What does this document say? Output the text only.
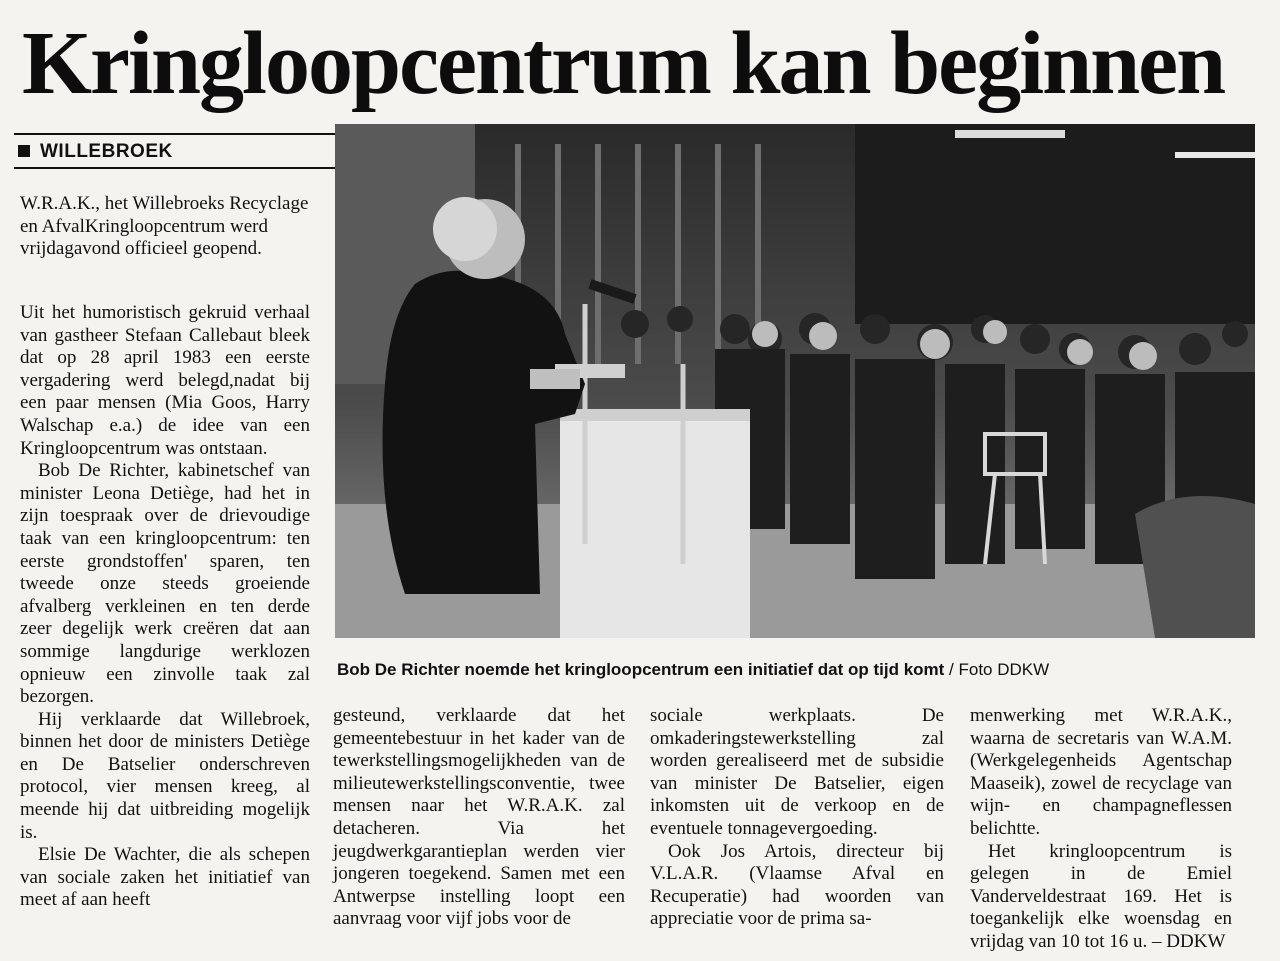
Kringloopcentrum kan beginnen
WILLEBROEK
W.R.A.K., het Willebroeks Recyclage en AfvalKringloopcentrum werd vrijdagavond officieel geopend.

Uit het humoristisch gekruid verhaal van gastheer Stefaan Callebaut bleek dat op 28 april 1983 een eerste vergadering werd belegd,nadat bij een paar mensen (Mia Goos, Harry Walschap e.a.) de idee van een Kringloopcentrum was ontstaan.

Bob De Richter, kabinetschef van minister Leona Detiège, had het in zijn toespraak over de drievoudige taak van een kringloopcentrum: ten eerste grondstoffen' sparen, ten tweede onze steeds groeiende afvalberg verkleinen en ten derde zeer degelijk werk creëren dat aan sommige langdurige werklozen opnieuw een zinvolle taak zal bezorgen.

Hij verklaarde dat Willebroek, binnen het door de ministers Detiège en De Batselier onderschreven protocol, vier mensen kreeg, al meende hij dat uitbreiding mogelijk is.

Elsie De Wachter, die als schepen van sociale zaken het initiatief van meet af aan heeft

Bob De Richter noemde het kringloopcentrum een initiatief dat op tijd komt / Foto DDKW

gesteund, verklaarde dat het gemeentebestuur in het kader van de tewerkstellingsmogelijkheden van de milieutewerkstellingsconventie, twee mensen naar het W.R.A.K. zal detacheren. Via het jeugdwerkgarantieplan werden vier jongeren toegekend. Samen met een Antwerpse instelling loopt een aanvraag voor vijf jobs voor de

sociale werkplaats. De omkaderingstewerkstelling zal worden gerealiseerd met de subsidie van minister De Batselier, eigen inkomsten uit de verkoop en de eventuele tonnagevergoeding.

Ook Jos Artois, directeur bij V.L.A.R. (Vlaamse Afval en Recuperatie) had woorden van appreciatie voor de prima sa-

menwerking met W.R.A.K., waarna de secretaris van W.A.M. (Werkgelegenheids Agentschap Maaseik), zowel de recyclage van wijn- en champagneflessen belichtte.

Het kringloopcentrum is gelegen in de Emiel Vanderveldestraat 169. Het is toegankelijk elke woensdag en vrijdag van 10 tot 16 u. – DDKW
